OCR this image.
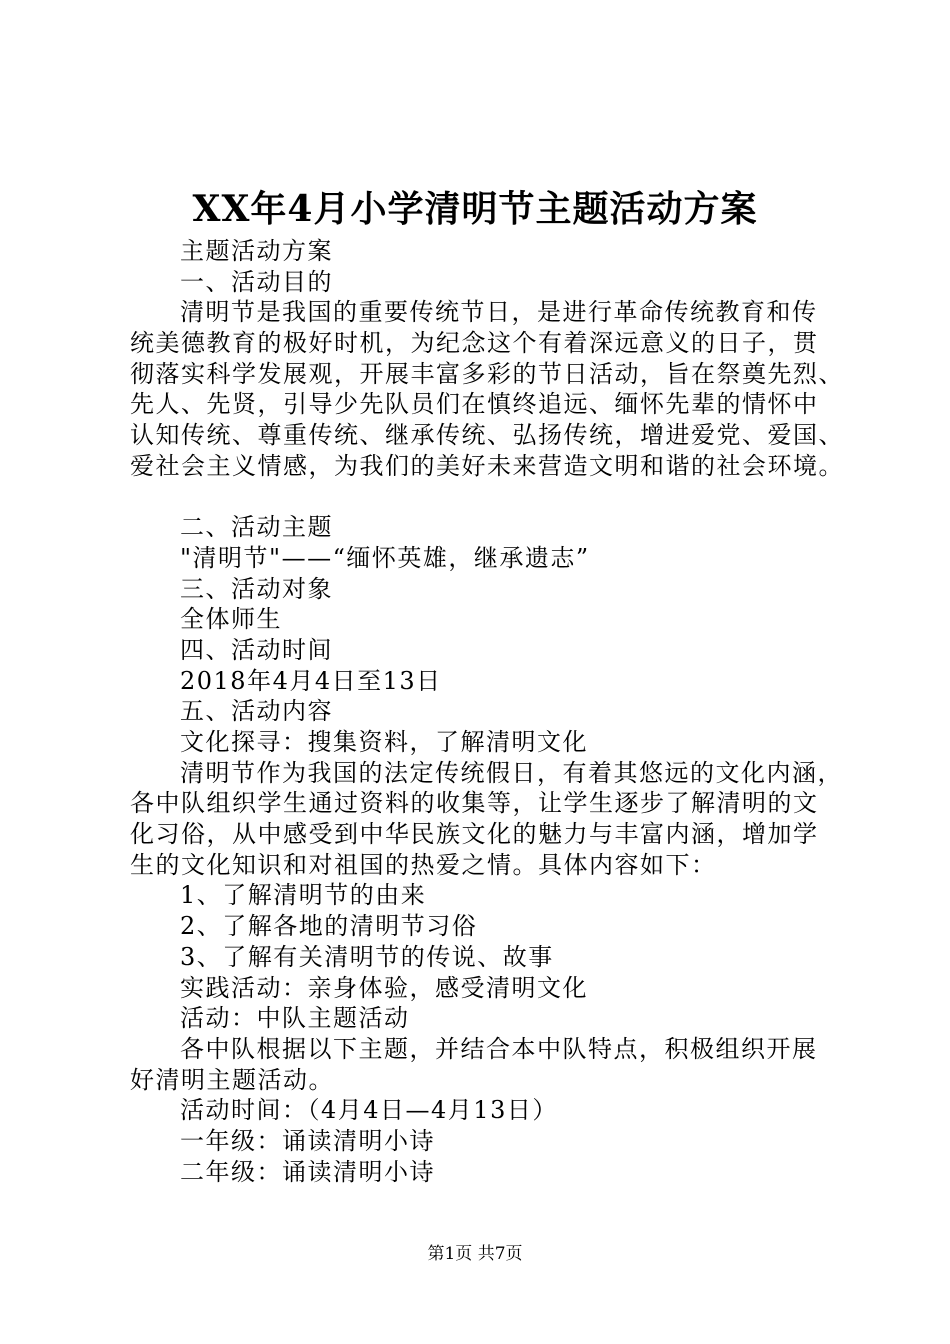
XX年4月小学清明节主题活动方案
主题活动方案
一、活动目的
清明节是我国的重要传统节日，是进行革命传统教育和传
统美德教育的极好时机，为纪念这个有着深远意义的日子，贯
彻落实科学发展观，开展丰富多彩的节日活动，旨在祭奠先烈、
先人、先贤，引导少先队员们在慎终追远、缅怀先辈的情怀中
认知传统、尊重传统、继承传统、弘扬传统，增进爱党、爱国、
爱社会主义情感，为我们的美好未来营造文明和谐的社会环境。
二、活动主题
"清明节"——“缅怀英雄，继承遗志”
三、活动对象
全体师生
四、活动时间
2018年4月4日至13日
五、活动内容
文化探寻：搜集资料，了解清明文化
清明节作为我国的法定传统假日，有着其悠远的文化内涵，
各中队组织学生通过资料的收集等，让学生逐步了解清明的文
化习俗，从中感受到中华民族文化的魅力与丰富内涵，增加学
生的文化知识和对祖国的热爱之情。具体内容如下：
1、了解清明节的由来
2、了解各地的清明节习俗
3、了解有关清明节的传说、故事
实践活动：亲身体验，感受清明文化
活动：中队主题活动
各中队根据以下主题，并结合本中队特点，积极组织开展
好清明主题活动。
活动时间：（4月4日—4月13日）
一年级：诵读清明小诗
二年级：诵读清明小诗
第1页 共7页
